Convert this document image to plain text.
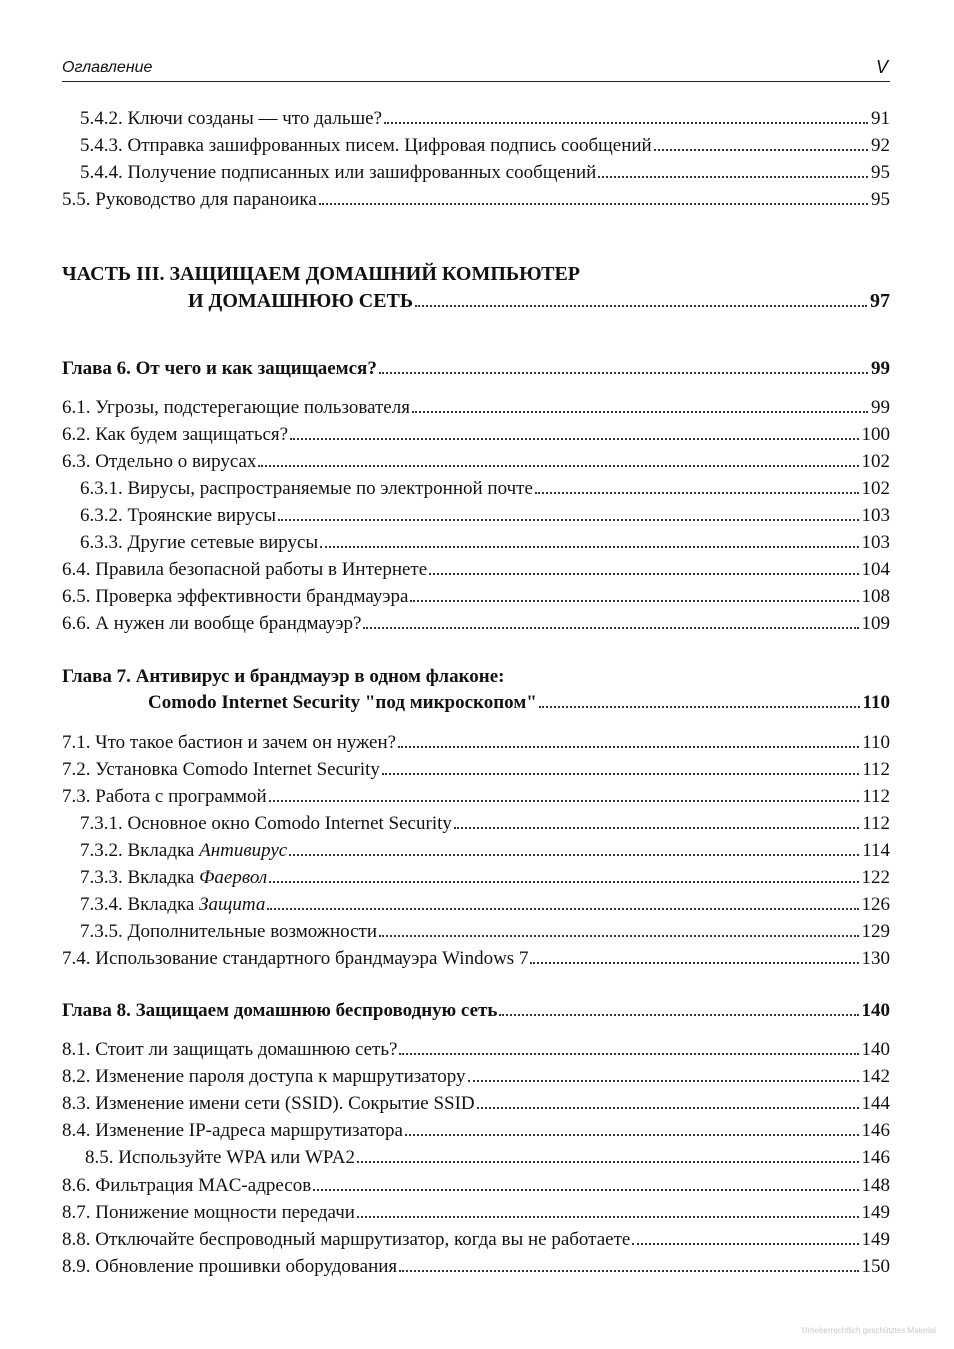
Оглавление	V
5.4.2. Ключи созданы — что дальше?	91
5.4.3. Отправка зашифрованных писем. Цифровая подпись сообщений	92
5.4.4. Получение подписанных или зашифрованных сообщений	95
5.5. Руководство для параноика	95
ЧАСТЬ III. ЗАЩИЩАЕМ ДОМАШНИЙ КОМПЬЮТЕР
И ДОМАШНЮЮ СЕТЬ	97
Глава 6. От чего и как защищаемся?	99
6.1. Угрозы, подстерегающие пользователя	99
6.2. Как будем защищаться?	100
6.3. Отдельно о вирусах	102
6.3.1. Вирусы, распространяемые по электронной почте	102
6.3.2. Троянские вирусы	103
6.3.3. Другие сетевые вирусы	103
6.4. Правила безопасной работы в Интернете	104
6.5. Проверка эффективности брандмауэра	108
6.6. А нужен ли вообще брандмауэр?	109
Глава 7. Антивирус и брандмауэр в одном флаконе:
Comodo Internet Security "под микроскопом"	110
7.1. Что такое бастион и зачем он нужен?	110
7.2. Установка Comodo Internet Security	112
7.3. Работа с программой	112
7.3.1. Основное окно Comodo Internet Security	112
7.3.2. Вкладка Антивирус	114
7.3.3. Вкладка Фаервол	122
7.3.4. Вкладка Защита	126
7.3.5. Дополнительные возможности	129
7.4. Использование стандартного брандмауэра Windows 7	130
Глава 8. Защищаем домашнюю беспроводную сеть	140
8.1. Стоит ли защищать домашнюю сеть?	140
8.2. Изменение пароля доступа к маршрутизатору	142
8.3. Изменение имени сети (SSID). Сокрытие SSID	144
8.4. Изменение IP-адреса маршрутизатора	146
8.5. Используйте WPA или WPA2	146
8.6. Фильтрация MAC-адресов	148
8.7. Понижение мощности передачи	149
8.8. Отключайте беспроводный маршрутизатор, когда вы не работаете	149
8.9. Обновление прошивки оборудования	150
Urheberrechtlich geschütztes Material
